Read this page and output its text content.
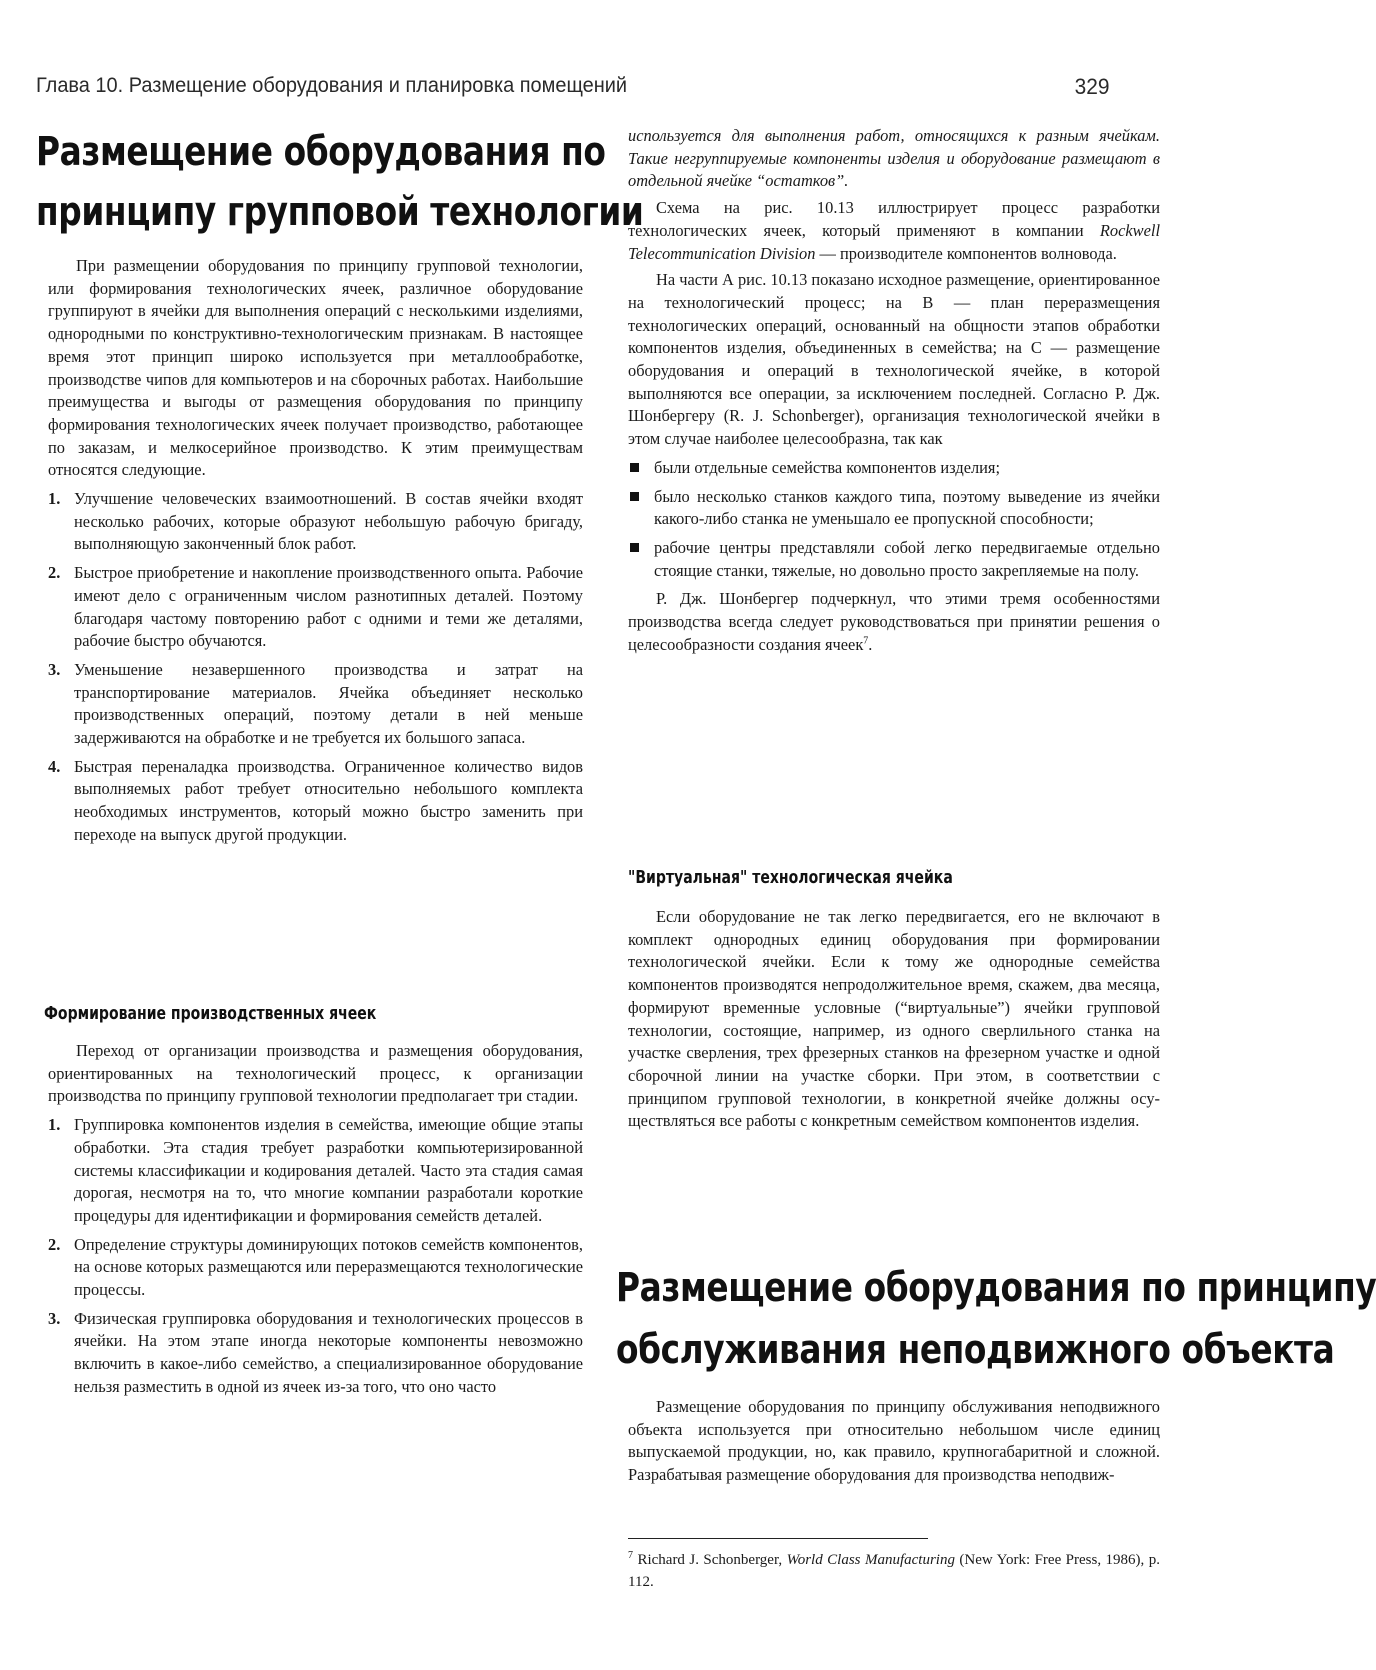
Глава 10. Размещение оборудования и планировка помещений	329
Размещение оборудования по
принципу групповой технологии

При размещении оборудования по принципу групповой технологии, или формирования технологических ячеек, различное оборудование группируют в ячейки для выполнения операций с несколькими изделиями, однородными по конструктивно-технологическим признакам. В настоящее время этот принцип широко используется при металлообработке, производстве чипов для компьютеров и на сборочных работах. Наибольшие преимущества и выгоды от размещения оборудования по принципу формирования технологических ячеек получает производство, работающее по заказам, и мелкосерийное производство. К этим преимуществам относятся следующие.

1. Улучшение человеческих взаимоотношений. В состав ячейки входят несколько рабочих, которые образуют небольшую рабочую бригаду, выполняющую законченный блок работ.
2. Быстрое приобретение и накопление производственного опыта. Рабочие имеют дело с ограниченным числом разнотипных деталей. Поэтому благодаря частому повторению работ с одними и теми же деталями, рабочие быстро обучаются.
3. Уменьшение незавершенного производства и затрат на транспортирование материалов. Ячейка объединяет несколько производственных операций, поэтому детали в ней меньше задерживаются на обработке и не требуется их большого запаса.
4. Быстрая переналадка производства. Ограниченное количество видов выполняемых работ требует относительно небольшого комплекта необходимых инструментов, который можно быстро заменить при переходе на выпуск другой продукции.
Формирование производственных ячеек

Переход от организации производства и размещения оборудования, ориентированных на технологический процесс, к организации производства по принципу групповой технологии предполагает три стадии.

1. Группировка компонентов изделия в семейства, имеющие общие этапы обработки. Эта стадия требует разработки компьютеризированной системы классификации и кодирования деталей. Часто эта стадия самая дорогая, несмотря на то, что многие компании разработали короткие процедуры для идентификации и формирования семейств деталей.
2. Определение структуры доминирующих потоков семейств компонентов, на основе которых размещаются или переразмещаются технологические процессы.
3. Физическая группировка оборудования и технологических процессов в ячейки. На этом этапе иногда некоторые компоненты невозможно включить в какое-либо семейство, а специализированное оборудование нельзя разместить в одной из ячеек из-за того, что оно часто

используется для выполнения работ, относящихся к разным ячейкам. Такие негруппируемые компоненты изделия и оборудование размещают в отдельной ячейке “остатков”.

Схема на рис. 10.13 иллюстрирует процесс разработки технологических ячеек, который применяют в компании Rockwell Telecommunication Division — производителе компонентов волновода.

На части А рис. 10.13 показано исходное размещение, ориентированное на технологический процесс; на В — план переразмещения технологических операций, основанный на общности этапов обработки компонентов изделия, объединенных в семейства; на С — размещение оборудования и операций в технологической ячейке, в которой выполняются все операции, за исключением последней. Согласно Р. Дж. Шонбергеру (R. J. Schonberger), организация технологической ячейки в этом случае наиболее целесообразна, так как

были отдельные семейства компонентов изделия;
было несколько станков каждого типа, поэтому выведение из ячейки какого-либо станка не уменьшало ее пропускной способности;
рабочие центры представляли собой легко передвигаемые отдельно стоящие станки, тяжелые, но довольно просто закрепляемые на полу.

Р. Дж. Шонбергер подчеркнул, что этими тремя особенностями производства всегда следует руководствоваться при принятии решения о целесообразности создания ячеек$^7$.

"Виртуальная" технологическая ячейка

Если оборудование не так легко передвигается, его не включают в комплект однородных единиц оборудования при формировании технологической ячейки. Если к тому же однородные семейства компонентов производятся непродолжительное время, скажем, два месяца, формируют временные условные (“виртуальные”) ячейки групповой технологии, состоящие, например, из одного сверлильного станка на участке сверления, трех фрезерных станков на фрезерном участке и одной сборочной линии на участке сборки. При этом, в соответствии с принципом групповой технологии, в конкретной ячейке должны осуществляться все работы с конкретным семейством компонентов изделия.

Размещение оборудования по принципу
обслуживания неподвижного объекта

Размещение оборудования по принципу обслуживания неподвижного объекта используется при относительно небольшом числе единиц выпускаемой продукции, но, как правило, крупногабаритной и сложной. Разрабатывая размещение оборудования для производства неподвиж-

$^7$ Richard J. Schonberger, World Class Manufacturing (New York: Free Press, 1986), p. 112.
